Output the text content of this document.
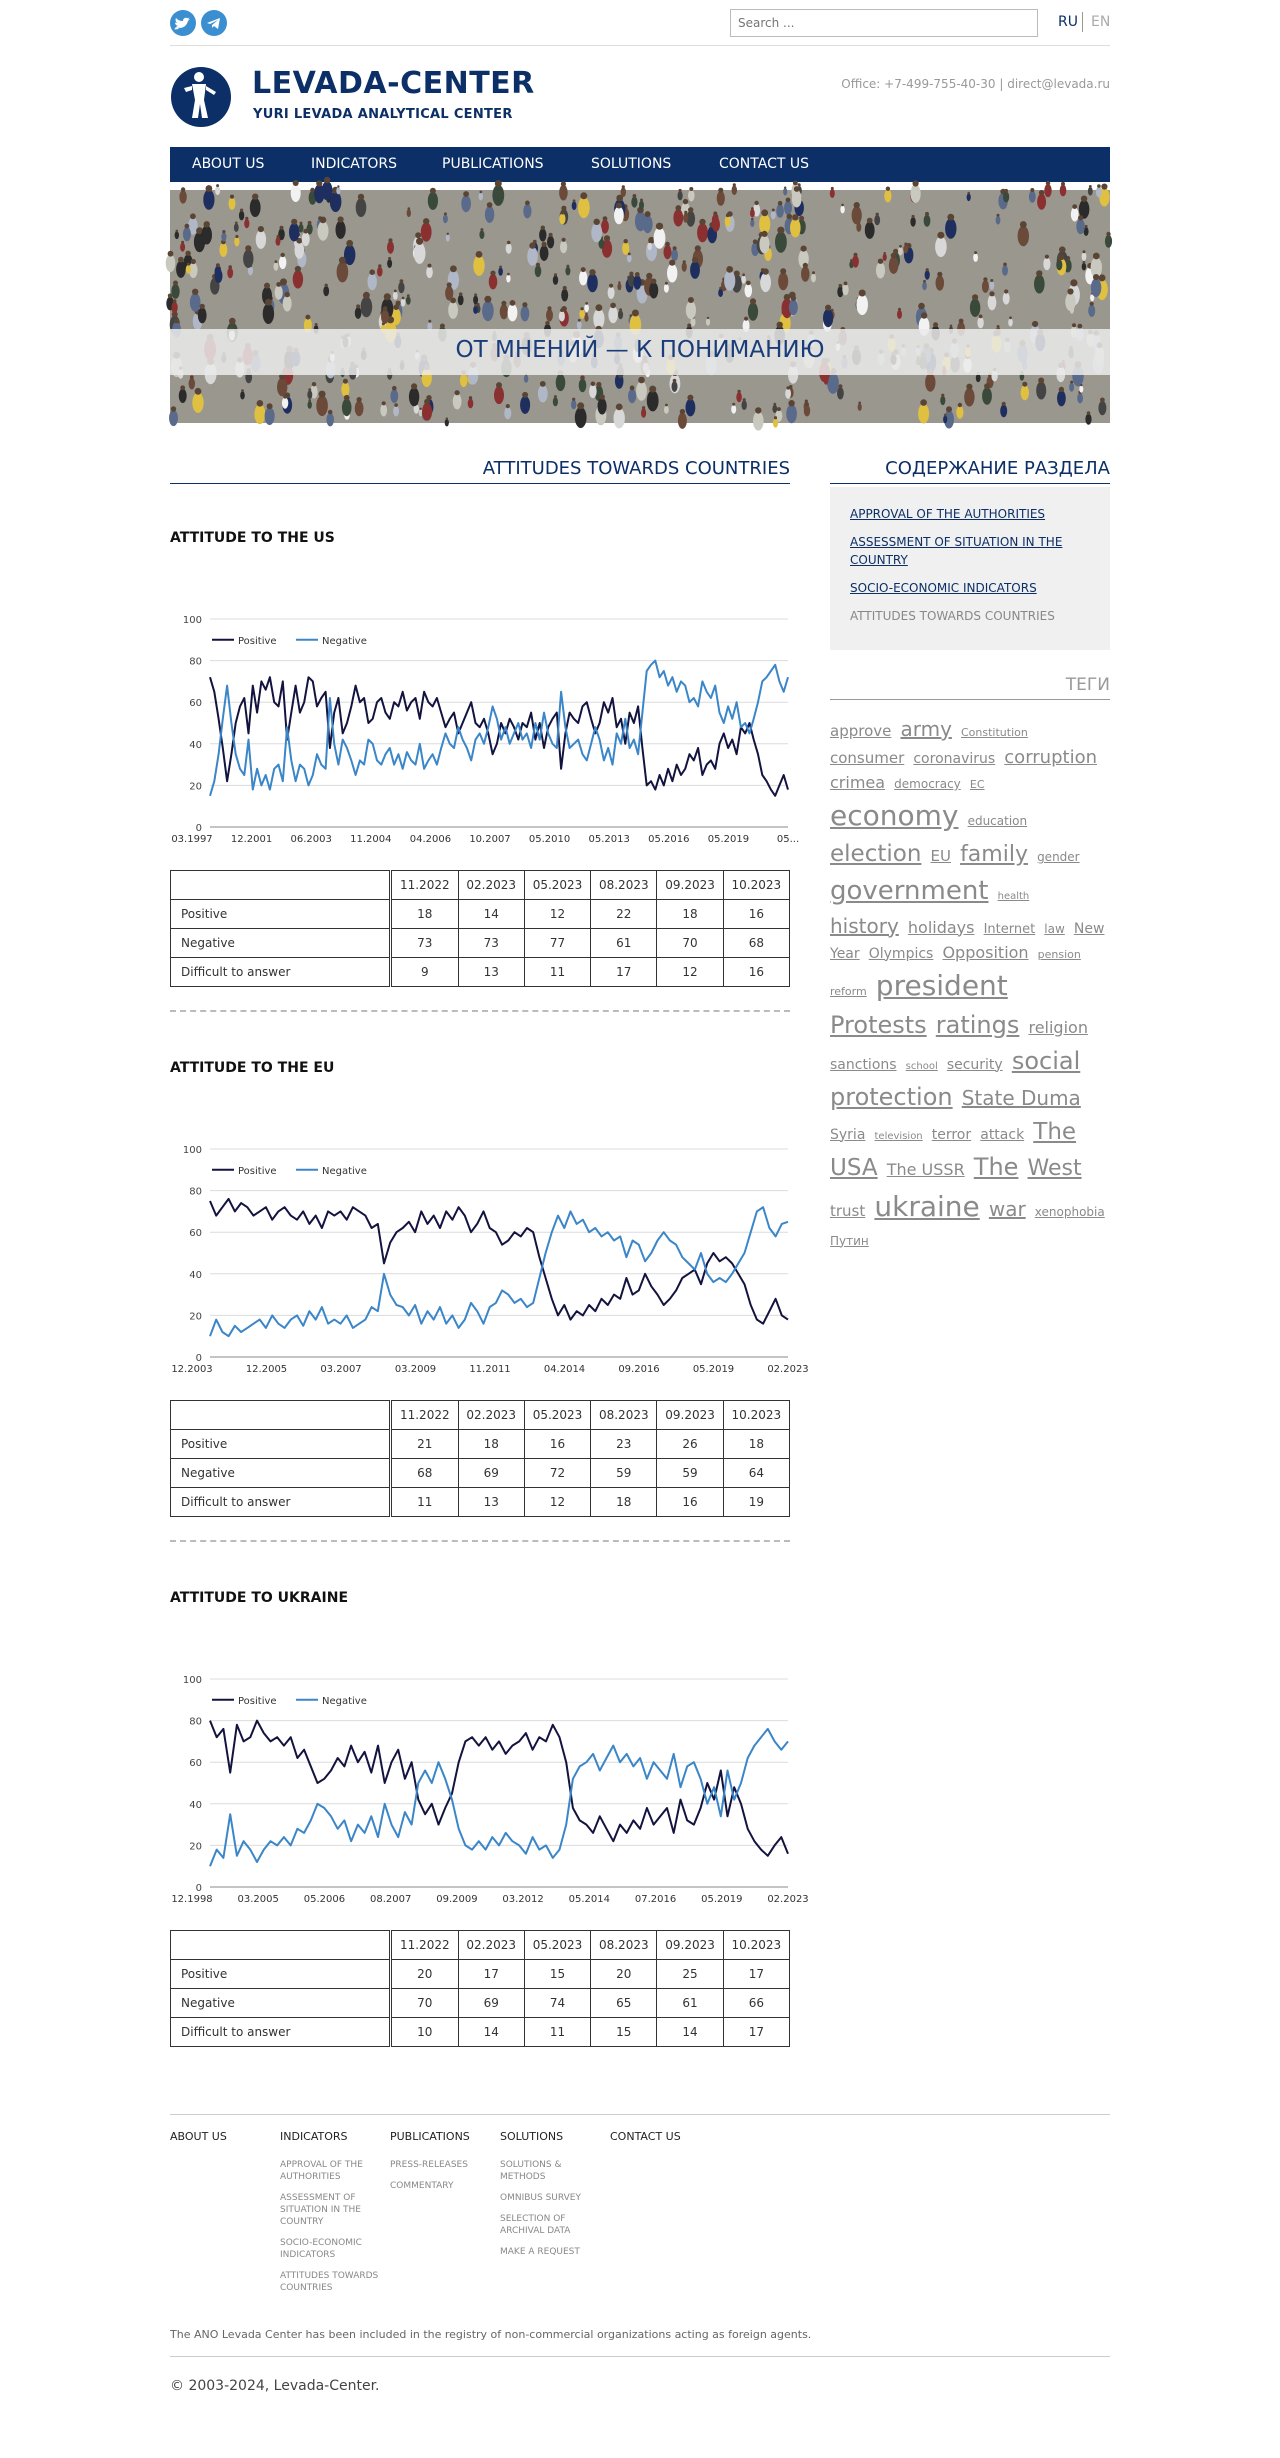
Search ...
RU EN
LEVADA-CENTER
YURI LEVADA ANALYTICAL CENTER
Office: +7-499-755-40-30 | direct@levada.ru
ABOUT US	INDICATORS	PUBLICATIONS	SOLUTIONS	CONTACT US
ОТ МНЕНИЙ — К ПОНИМАНИЮ
ATTITUDES TOWARDS COUNTRIES	СОДЕРЖАНИЕ РАЗДЕЛА
APPROVAL OF THE AUTHORITIES
ASSESSMENT OF SITUATION IN THE COUNTRY
SOCIO-ECONOMIC INDICATORS
ATTITUDES TOWARDS COUNTRIES
ТЕГИ
approve army Constitution consumer coronavirus corruption crimea democracy EC economy education election EU family gender government health history holidays Internet law New Year Olympics Opposition pension reform president Protests ratings religion sanctions school security social protection State Duma Syria television terror attack The USA The USSR The West trust ukraine war xenophobia Путин
ATTITUDE TO THE US
0
20
40
60
80
100
Positive	Negative
03.1997 12.2001 06.2003 11.2004 04.2006 10.2007 05.2010 05.2013 05.2016 05.2019	05...
	11.2022	02.2023	05.2023	08.2023	09.2023	10.2023
Positive	18	14	12	22	18	16
Negative	73	73	77	61	70	68
Difficult to answer	9	13	11	17	12	16
ATTITUDE TO THE EU
0
20
40
60
80
100
Positive	Negative
12.2003	12.2005	03.2007	03.2009	11.2011	04.2014	09.2016	05.2019	02.2023
	11.2022	02.2023	05.2023	08.2023	09.2023	10.2023
Positive	21	18	16	23	26	18
Negative	68	69	72	59	59	64
Difficult to answer	11	13	12	18	16	19
ATTITUDE TO UKRAINE
0
20
40
60
80
100
Positive	Negative
12.1998 03.2005 05.2006 08.2007 09.2009 03.2012 05.2014 07.2016 05.2019 02.2023
	11.2022	02.2023	05.2023	08.2023	09.2023	10.2023
Positive	20	17	15	20	25	17
Negative	70	69	74	65	61	66
Difficult to answer	10	14	11	15	14	17
ABOUT US	INDICATORS
APPROVAL OF THE AUTHORITIES
ASSESSMENT OF SITUATION IN THE COUNTRY
SOCIO-ECONOMIC INDICATORS
ATTITUDES TOWARDS COUNTRIES
PUBLICATIONS
PRESS-RELEASES
COMMENTARY
SOLUTIONS
SOLUTIONS & METHODS
OMNIBUS SURVEY
SELECTION OF ARCHIVAL DATA
MAKE A REQUEST
CONTACT US
The ANO Levada Center has been included in the registry of non-commercial organizations acting as foreign agents.
© 2003-2024, Levada-Center.
